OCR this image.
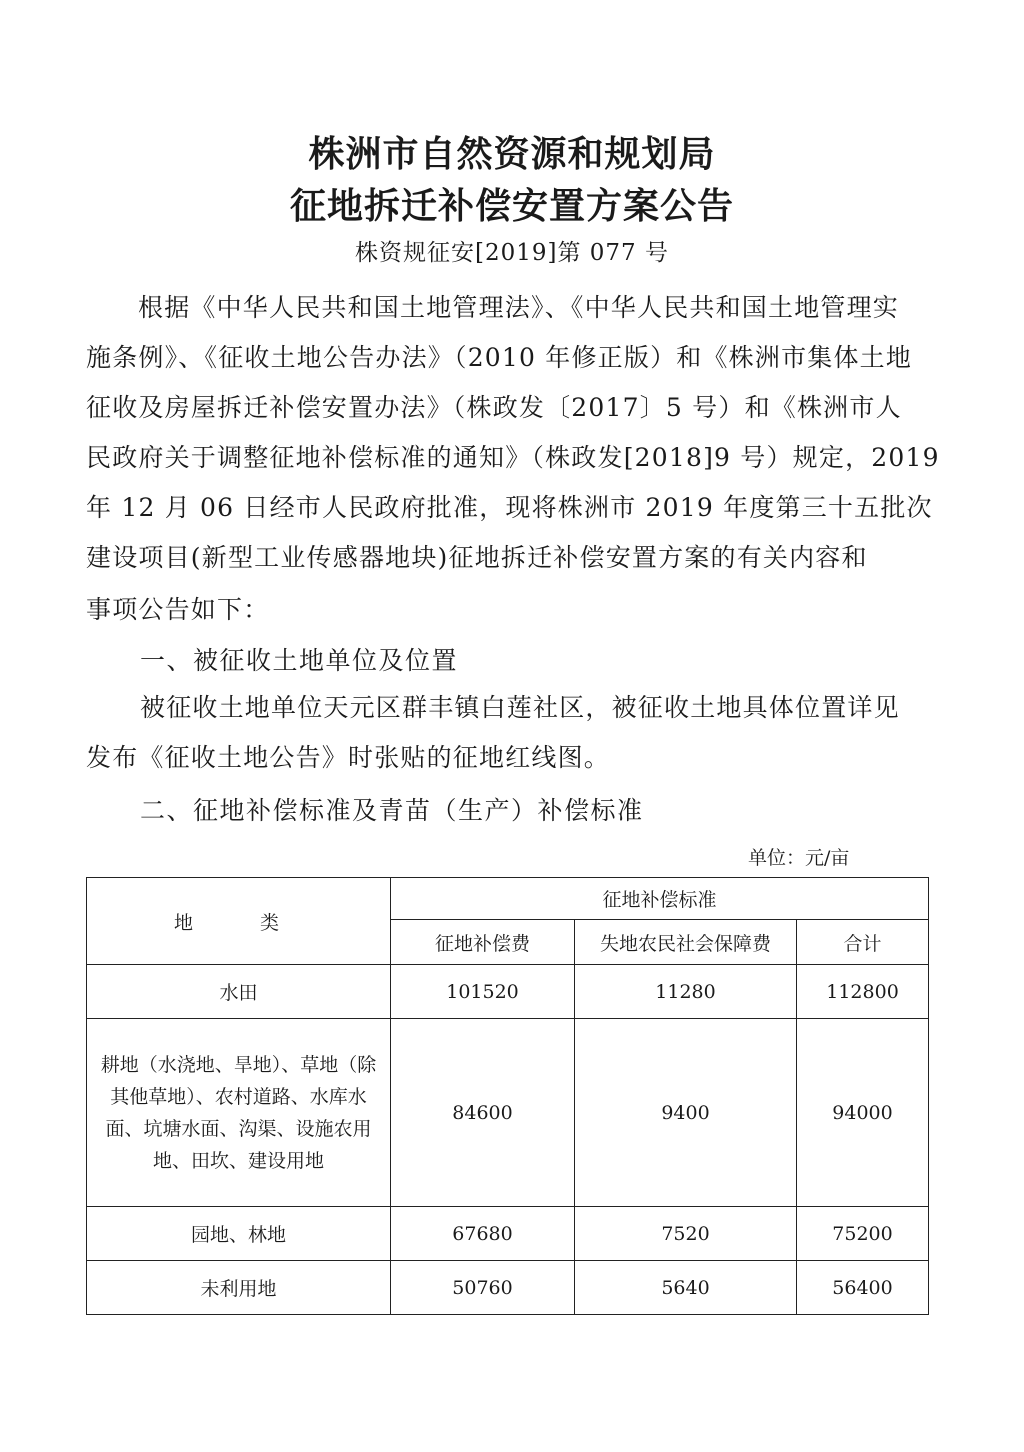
株洲市自然资源和规划局
征地拆迁补偿安置方案公告
株资规征安[2019]第 077 号
根据《中华人民共和国土地管理法》、《中华人民共和国土地管理实
施条例》、《征收土地公告办法》（2010 年修正版）和《株洲市集体土地
征收及房屋拆迁补偿安置办法》（株政发〔2017〕5 号）和《株洲市人
民政府关于调整征地补偿标准的通知》（株政发[2018]9 号）规定，2019
年 12 月 06 日经市人民政府批准，现将株洲市 2019 年度第三十五批次
建设项目(新型工业传感器地块)征地拆迁补偿安置方案的有关内容和
事项公告如下：
一、被征收土地单位及位置
被征收土地单位天元区群丰镇白莲社区，被征收土地具体位置详见
发布《征收土地公告》时张贴的征地红线图。
二、征地补偿标准及青苗（生产）补偿标准
单位：元/亩
地　类	征地补偿标准		
	征地补偿费	失地农民社会保障费	合计
水田	101520	11280	112800

耕地（水浇地、旱地）、草地（除
其他草地）、农村道路、水库水
面、坑塘水面、沟渠、设施农用
地、田坎、建设用地	84600	9400	94000
园地、林地	67680	7520	75200
未利用地	50760	5640	56400
